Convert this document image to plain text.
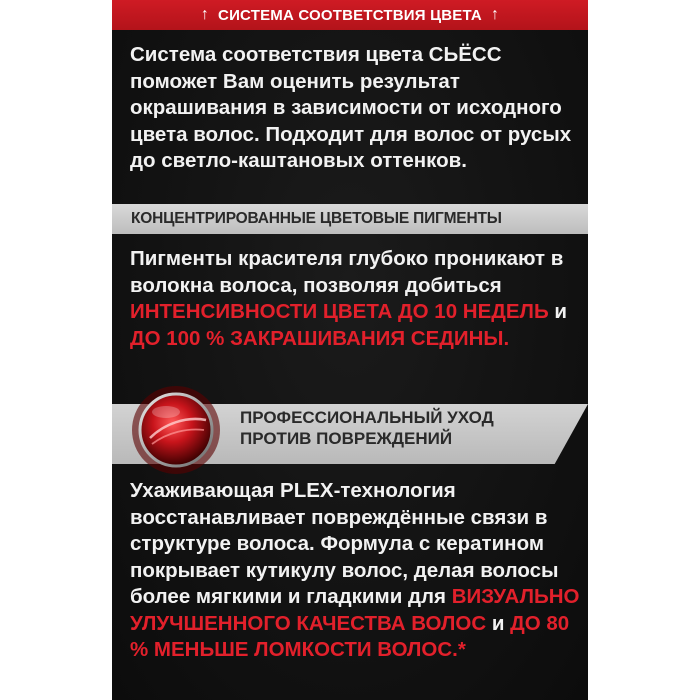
↑ СИСТЕМА СООТВЕТСТВИЯ ЦВЕТА ↑

Система соответствия цвета СЬЁСС поможет Вам оценить результат окрашивания в зависимости от исходного цвета волос. Подходит для волос от русых до светло-каштановых оттенков.

КОНЦЕНТРИРОВАННЫЕ ЦВЕТОВЫЕ ПИГМЕНТЫ

Пигменты красителя глубоко проникают в волокна волоса, позволяя добиться ИНТЕНСИВНОСТИ ЦВЕТА ДО 10 НЕДЕЛЬ и ДО 100 % ЗАКРАШИВАНИЯ СЕДИНЫ.

ПРОФЕССИОНАЛЬНЫЙ УХОД
ПРОТИВ ПОВРЕЖДЕНИЙ

Ухаживающая PLEX-технология восстанавливает повреждённые связи в структуре волоса. Формула с кератином покрывает кутикулу волос, делая волосы более мягкими и гладкими для ВИЗУАЛЬНО УЛУЧШЕННОГО КАЧЕСТВА ВОЛОС и ДО 80 % МЕНЬШЕ ЛОМКОСТИ ВОЛОС.*
